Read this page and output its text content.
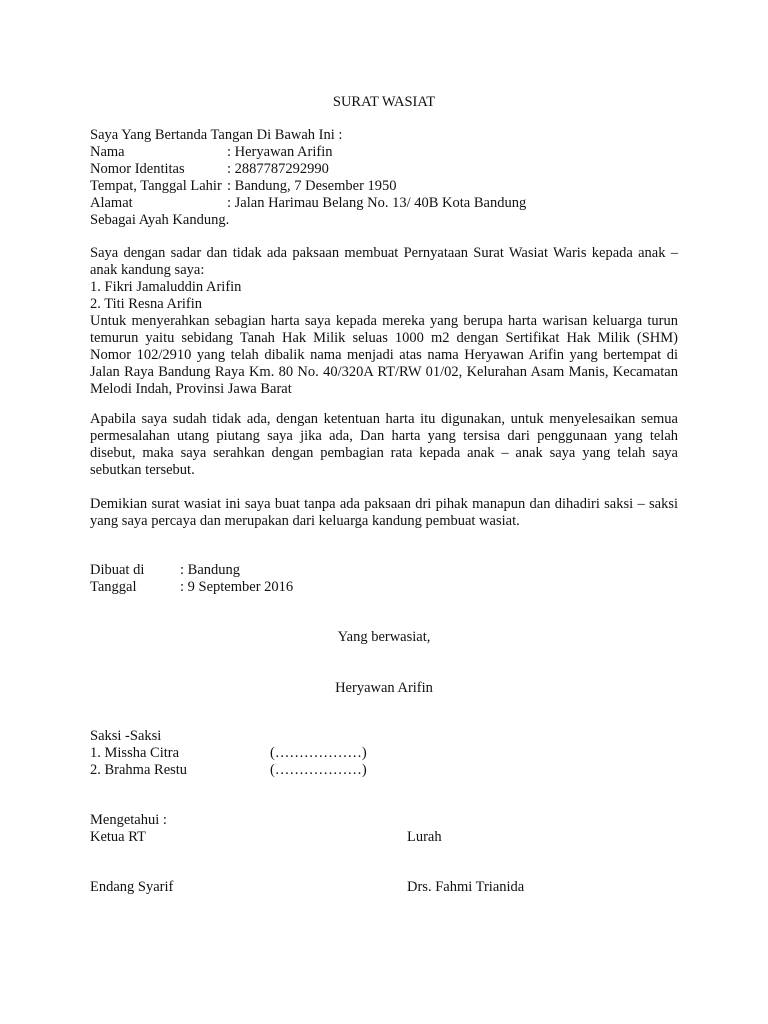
SURAT WASIAT
Saya Yang Bertanda Tangan Di Bawah Ini :
Nama	: Heryawan Arifin
Nomor Identitas	: 2887787292990
Tempat, Tanggal Lahir : Bandung, 7 Desember 1950
Alamat	: Jalan Harimau Belang No. 13/ 40B Kota Bandung
Sebagai Ayah Kandung.
Saya dengan sadar dan tidak ada paksaan membuat Pernyataan Surat Wasiat Waris kepada anak – anak kandung saya:
1. Fikri Jamaluddin Arifin
2. Titi Resna Arifin
Untuk menyerahkan sebagian harta saya kepada mereka yang berupa harta warisan keluarga turun temurun yaitu sebidang Tanah Hak Milik seluas 1000 m2 dengan Sertifikat Hak Milik (SHM) Nomor 102/2910 yang telah dibalik nama menjadi atas nama Heryawan Arifin yang bertempat di Jalan Raya Bandung Raya Km. 80 No. 40/320A RT/RW 01/02, Kelurahan Asam Manis, Kecamatan Melodi Indah, Provinsi Jawa Barat
Apabila saya sudah tidak ada, dengan ketentuan harta itu digunakan, untuk menyelesaikan semua permesalahan utang piutang saya jika ada, Dan harta yang tersisa dari penggunaan yang telah disebut, maka saya serahkan dengan pembagian rata kepada anak – anak saya yang telah saya sebutkan tersebut.
Demikian surat wasiat ini saya buat tanpa ada paksaan dri pihak manapun dan dihadiri saksi – saksi yang saya percaya dan merupakan dari keluarga kandung pembuat wasiat.
Dibuat di : Bandung
Tanggal	: 9 September 2016
Yang berwasiat,
Heryawan Arifin
Saksi -Saksi
1. Missha Citra	(………………)
2. Brahma Restu	(………………)
Mengetahui :
Ketua RT	Lurah
Endang Syarif	Drs. Fahmi Trianida
